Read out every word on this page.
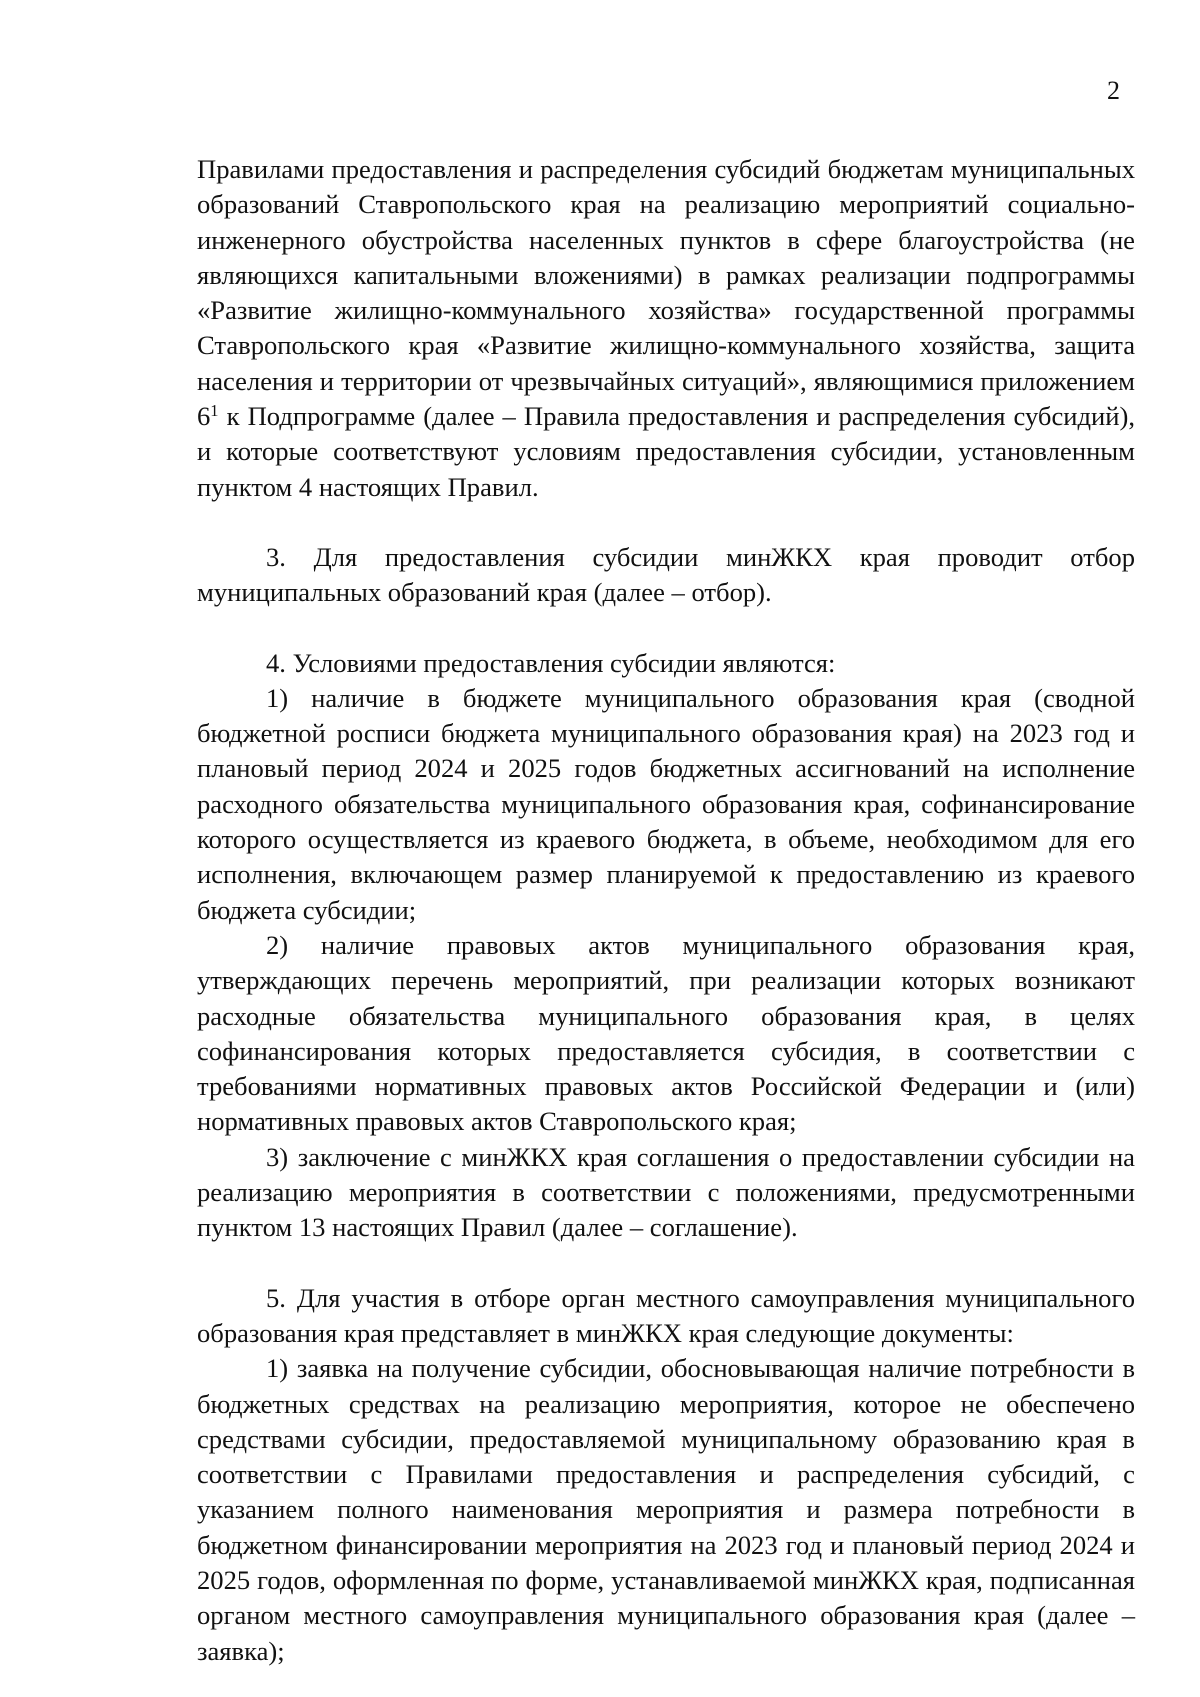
2

Правилами предоставления и распределения субсидий бюджетам муниципальных образований Ставропольского края на реализацию мероприятий социально-инженерного обустройства населенных пунктов в сфере благоустройства (не являющихся капитальными вложениями) в рамках реализации подпрограммы «Развитие жилищно-коммунального хозяйства» государственной программы Ставропольского края «Развитие жилищно-коммунального хозяйства, защита населения и территории от чрезвычайных ситуаций», являющимися приложением $6^1$ к Подпрограмме (далее – Правила предоставления и распределения субсидий), и которые соответствуют условиям предоставления субсидии, установленным пунктом 4 настоящих Правил.

3. Для предоставления субсидии минЖКХ края проводит отбор муниципальных образований края (далее – отбор).

4. Условиями предоставления субсидии являются:

1) наличие в бюджете муниципального образования края (сводной бюджетной росписи бюджета муниципального образования края) на 2023 год и плановый период 2024 и 2025 годов бюджетных ассигнований на исполнение расходного обязательства муниципального образования края, софинансирование которого осуществляется из краевого бюджета, в объеме, необходимом для его исполнения, включающем размер планируемой к предоставлению из краевого бюджета субсидии;

2) наличие правовых актов муниципального образования края, утверждающих перечень мероприятий, при реализации которых возникают расходные обязательства муниципального образования края, в целях софинансирования которых предоставляется субсидия, в соответствии с требованиями нормативных правовых актов Российской Федерации и (или) нормативных правовых актов Ставропольского края;

3) заключение с минЖКХ края соглашения о предоставлении субсидии на реализацию мероприятия в соответствии с положениями, предусмотренными пунктом 13 настоящих Правил (далее – соглашение).

5. Для участия в отборе орган местного самоуправления муниципального образования края представляет в минЖКХ края следующие документы:

1) заявка на получение субсидии, обосновывающая наличие потребности в бюджетных средствах на реализацию мероприятия, которое не обеспечено средствами субсидии, предоставляемой муниципальному образованию края в соответствии с Правилами предоставления и распределения субсидий, с указанием полного наименования мероприятия и размера потребности в бюджетном финансировании мероприятия на 2023 год и плановый период 2024 и 2025 годов, оформленная по форме, устанавливаемой минЖКХ края, подписанная органом местного самоуправления муниципального образования края (далее – заявка);
